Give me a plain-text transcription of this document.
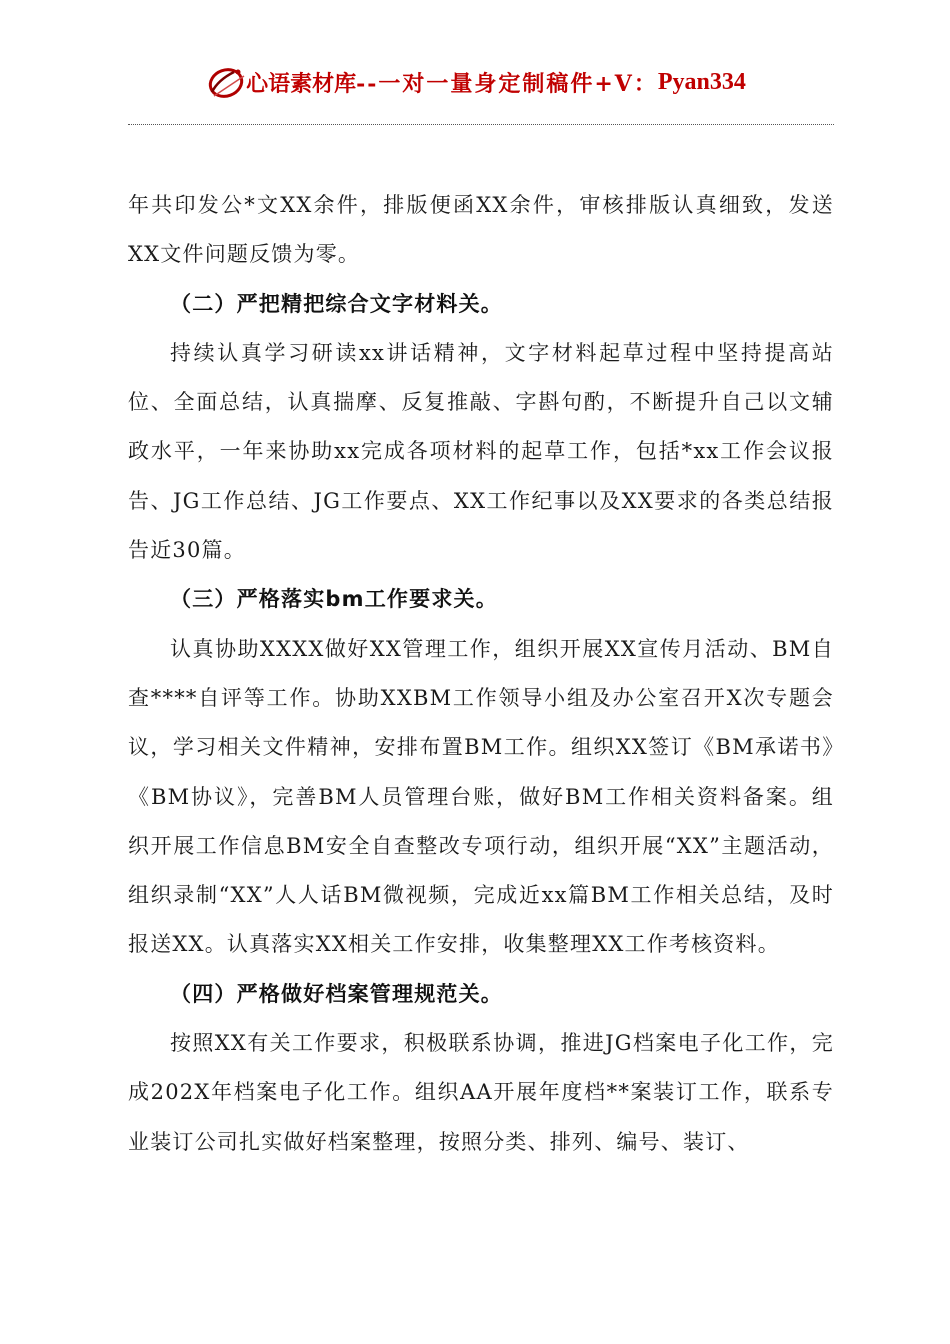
心语素材库 --一对一量身定制稿件+V： Pyan334

年共印发公*文XX余件，排版便函XX余件，审核排版认真细致，发送XX文件问题反馈为零。

（二）严把精把综合文字材料关。

持续认真学习研读xx讲话精神，文字材料起草过程中坚持提高站位、全面总结，认真揣摩、反复推敲、字斟句酌，不断提升自己以文辅政水平，一年来协助xx完成各项材料的起草工作，包括*xx工作会议报告、JG工作总结、JG工作要点、XX工作纪事以及XX要求的各类总结报告近30篇。

（三）严格落实bm工作要求关。

认真协助XXXX做好XX管理工作，组织开展XX宣传月活动、BM自查****自评等工作。协助XXBM工作领导小组及办公室召开X次专题会议，学习相关文件精神，安排布置BM工作。组织XX签订《BM承诺书》《BM协议》，完善BM人员管理台账，做好BM工作相关资料备案。组织开展工作信息BM安全自查整改专项行动，组织开展“XX”主题活动，组织录制“XX”人人话BM微视频，完成近xx篇BM工作相关总结，及时报送XX。认真落实XX相关工作安排，收集整理XX工作考核资料。

（四）严格做好档案管理规范关。

按照XX有关工作要求，积极联系协调，推进JG档案电子化工作，完成202X年档案电子化工作。组织AA开展年度档**案装订工作，联系专业装订公司扎实做好档案整理，按照分类、排列、编号、装订、
